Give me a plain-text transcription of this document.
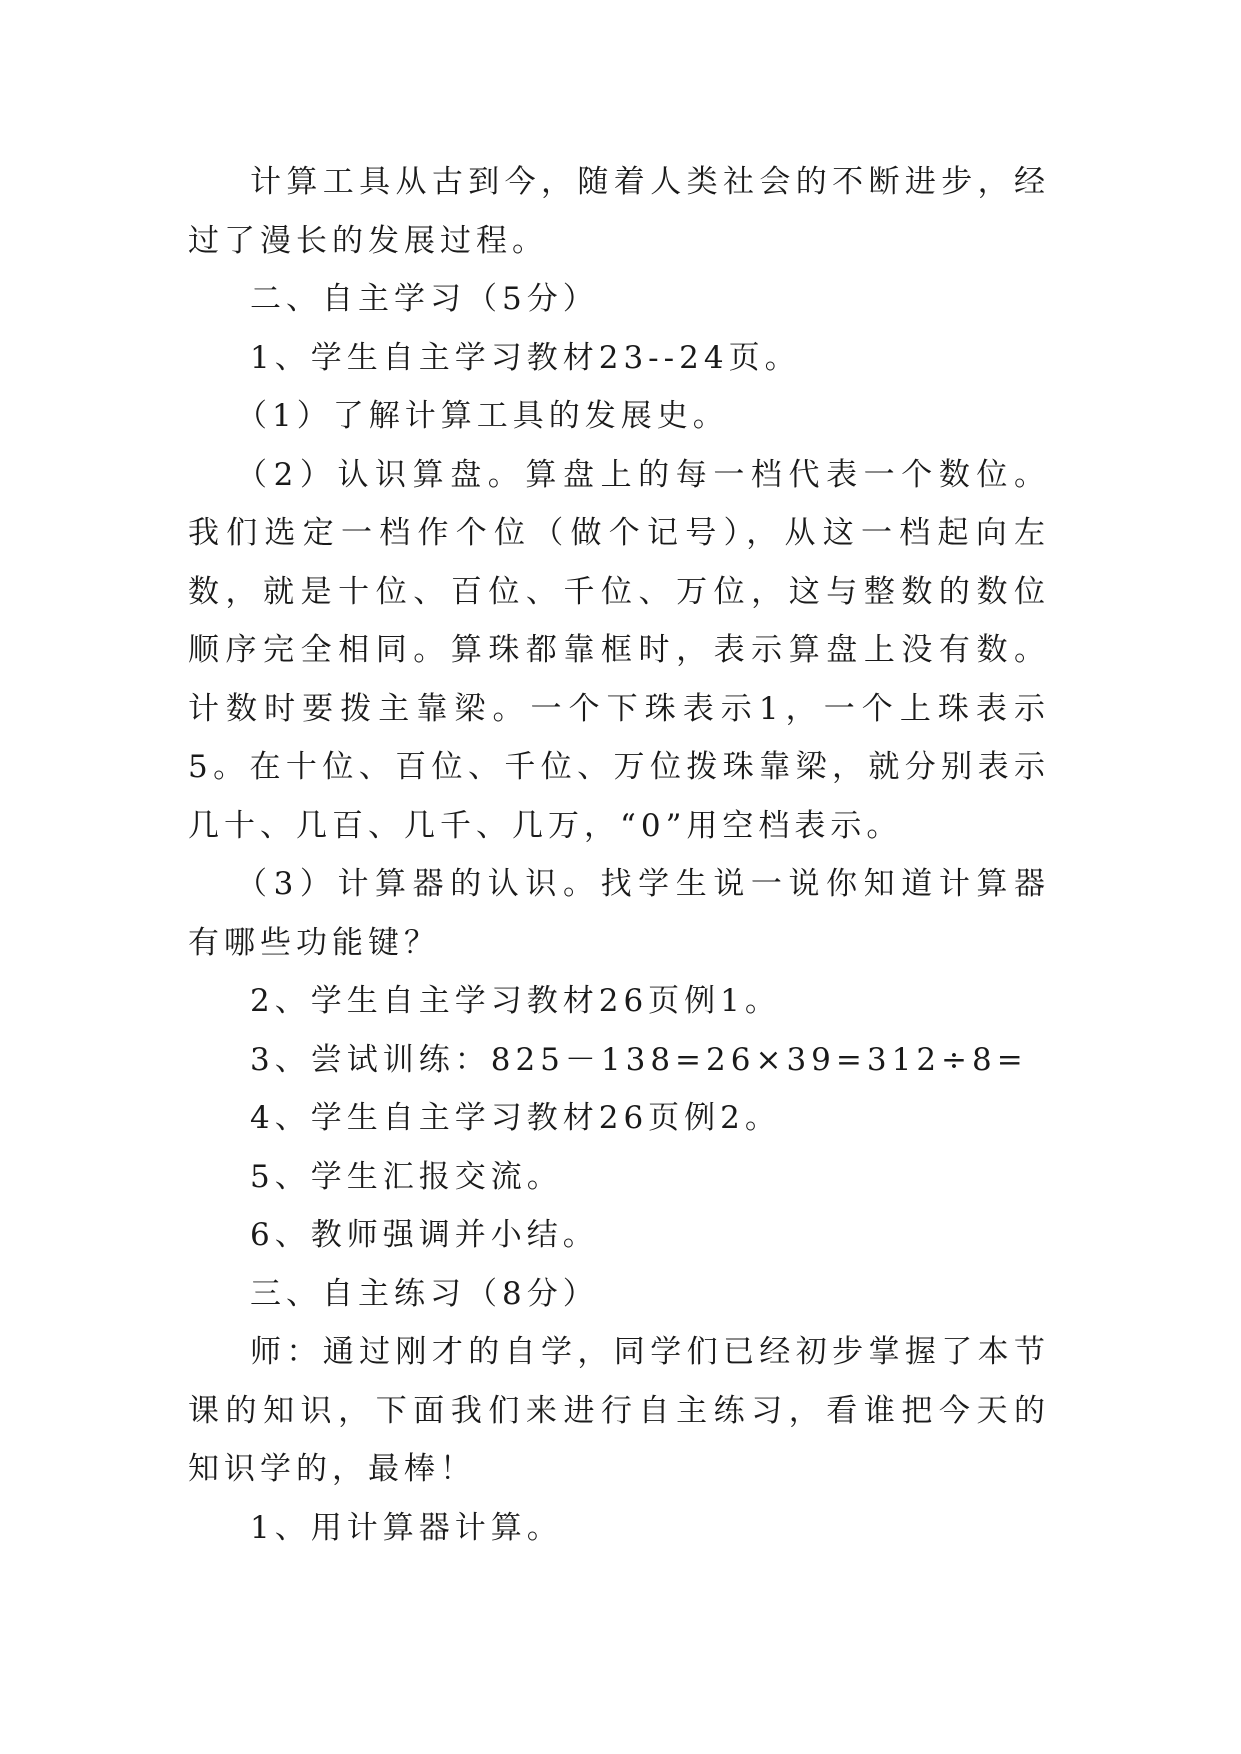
计算工具从古到今，随着人类社会的不断进步，经过了漫长的发展过程。

二、自主学习（5分）

1、学生自主学习教材23--24页。

（1）了解计算工具的发展史。

（2）认识算盘。算盘上的每一档代表一个数位。我们选定一档作个位（做个记号），从这一档起向左数，就是十位、百位、千位、万位，这与整数的数位顺序完全相同。算珠都靠框时，表示算盘上没有数。计数时要拨主靠梁。一个下珠表示1，一个上珠表示5。在十位、百位、千位、万位拨珠靠梁，就分别表示几十、几百、几千、几万，“0”用空档表示。

（3）计算器的认识。找学生说一说你知道计算器有哪些功能键？

2、学生自主学习教材26页例1。

3、尝试训练：825－138=26×39=312÷8=

4、学生自主学习教材26页例2。

5、学生汇报交流。

6、教师强调并小结。

三、自主练习（8分）

师：通过刚才的自学，同学们已经初步掌握了本节课的知识，下面我们来进行自主练习，看谁把今天的知识学的，最棒！

1、用计算器计算。
